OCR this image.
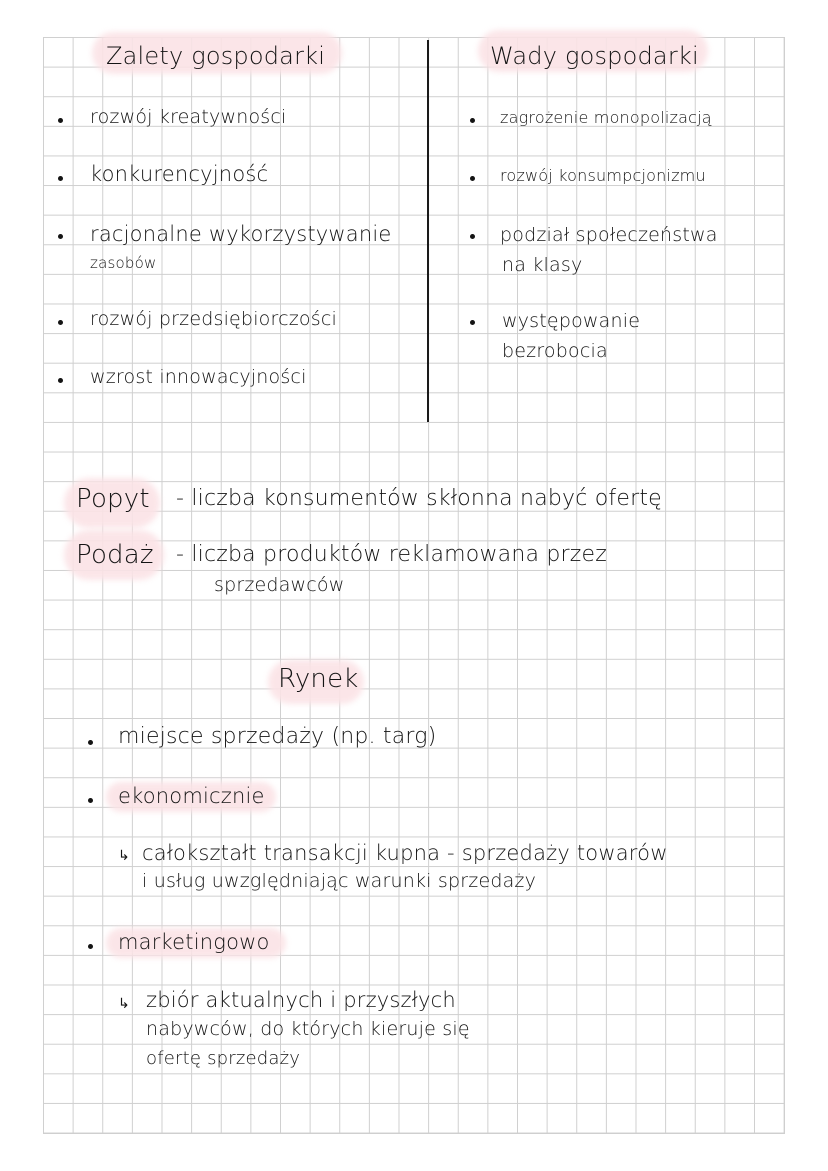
Zalety gospodarki
rozwój kreatywności
konkurencyjność
racjonalne wykorzystywanie
zasobów
rozwój przedsiębiorczości
wzrost innowacyjności
Wady gospodarki
zagrożenie monopolizacją
rozwój konsumpcjonizmu
podział społeczeństwa
na klasy
występowanie
bezrobocia
Popyt - liczba konsumentów skłonna nabyć ofertę
Podaż - liczba produktów reklamowana przez
sprzedawców
Rynek
miejsce sprzedaży (np. targ)
ekonomicznie
↳ całokształt transakcji kupna - sprzedaży towarów
i usług uwzględniając warunki sprzedaży
marketingowo
↳ zbiór aktualnych i przyszłych
nabywców, do których kieruje się
ofertę sprzedaży
